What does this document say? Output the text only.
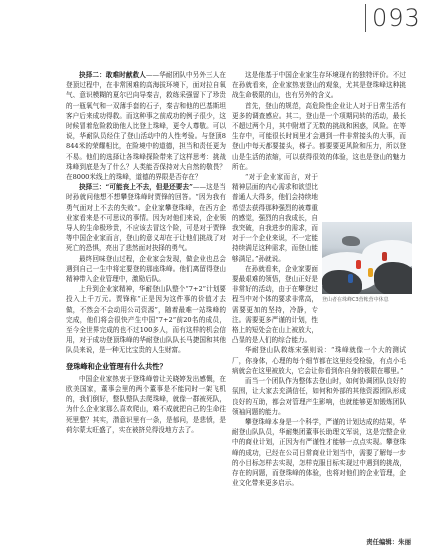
093

抉择二：敢难时献救人——华耐团队中另外三人在登顶过程中，在非常困难的高海拔环境下，面对拉自氧气、意识模糊的夏尔巴向导秦吉，救练采强留下了珍贵的一瓶氧气和一双薄手套的石子，秦吉和他的巴基斯坦客户后来成功得救。而这种事之前成功的例子很少，这时候冒着危险救助他人比登上珠峰，更令人尊敬。可以说，华耐队员经住了登山活动中的人性考验。与登顶8844米的荣耀相比，在险境中的道德，担当和责任更为不易。他们的选择让各珠峰探险带来了这样思考：挑战珠峰到底是为了什么？人类能否保持对大自然的敬畏？在8000米线上的珠峰，道德的界限是否存在？

抉择三：“可能丧上不去，但是还要去”——这是当时孙就问他想不想攀登珠峰时贾锋的回答。“因为我有勇气面对上不去的失败”。企业家攀登珠峰，在西方企业家看来是不可思议的事情。因为对他们来说，企业领导人的生命极珍贵，不应该去冒这个险，可是对于贾锋等中国企业家而言，登山的意义却在于让他们挑战了对死亡的恐惧，亮出了悲然面对抉择的勇气。

最终回味登山过程，企业家会发现，做企业也总会遇到自己一生中将定要登的那座珠峰。他们离留得登山精神带入企业管理中，激励后队。

上升到企业家精神，华耐登山队整个“7+2”计划要投入上千万元。贾锋称“正是因为这件事的价值才去做，不然会不会动用公司资源”，随着最难一站珠峰的完成，他们将会很快产生中国“7+2”前20名的成员，至今全世界完成的也不过100多人，而有这样的机会信用，对于成功登顶珠峰的华耐登山队队长马捷国和其他队员来说，是一种无比宝贵的人生财富。

登珠峰和企业管理有什么共性？

中国企业家热衷于登珠峰曾让关晓婷发出感慨，在欧美国家，董事会里的两个董事是不能同时一架飞机的，我们倒好，整队整队去爬珠峰，就像一群被死队，为什么企业家那么喜欢爬山，难不成就把自己的生命往死里整？其实，潜意识里有一条，是郁问，是悲愤，是荷尔蒙太旺盛了，实在被挤兑得没地方去了。

这是他基于中国企业家生存环境现有的独特评价。不过在孙就看来，企业家热衷登山的观象，尤其是登珠峰这种挑战生命极限的山，也有另外的含义。

首先，登山的规范，高危险性企业让人对于日常生活有更多的调查感应。其二，登山是一个项期同转的活动，最长不超过两个月，其中附增了无数的挑战和困惑，风险。在等生存中，可能很长时间里才会遇到一件非常接头的大事，而登山中每天都要接头，梯子。都要要更风险和压力，所以登山是生活的浓缩，可以获得很效的体验，这也是登山的魅力所在。

“对于企业家而言，对于精神层面的内心需求和欲望比普通人大得多，他们会持续地希望去获得那种强烈的被尊重的感觉，强烈的自我成长，自我突破，自我进步的需求，而对于一个企业来说，不一定能持续满足这种需求，而登山能够满足。”孙就说。

在孙就看来，企业家要面要最艰难的领悟，登山正好是非常好的活动，由于在攀登过程当中对个体的要求非常高，需要更加的坚持，冷静，专注。需要更多严谨的计划，性格上的短处会在山上被放大，凸显的是人们的综合能力。

华耐登山队救练宋强则说：“珠峰就像一个大的测试厂，你身体，心理的每个细节都在这里经受检验，有点小毛病就会在这里被放大，它会让你看到你自身的极限在哪里。”

而当一个团队作为整体去登山时，如何协调团队良好的氛围，让大家去充满信任，如何和外部的其他资源团队形成良好的互助，都会对管理产生影响，也就能够更加锻炼团队领袖问题的能力。

攀登珠峰本身是一个科学，严谨的计划达成的结果，华耐登山队队员，华耐集团董事长助理文军说，这是完整企业中的商业计划，正因为有严谨性才能够一点点实现。攀登珠峰的成功，已经在公司日常商业计划当中，需要了解每一步的小目标怎样去实现，怎样克服目标实现过中遇到的挑战，存在的问题，而登珠峰的体验，也将对他们的企业管理，企业文化带来更多启示。

登山者在珠峰C3营帐营中休息
责任编辑：朱丽
